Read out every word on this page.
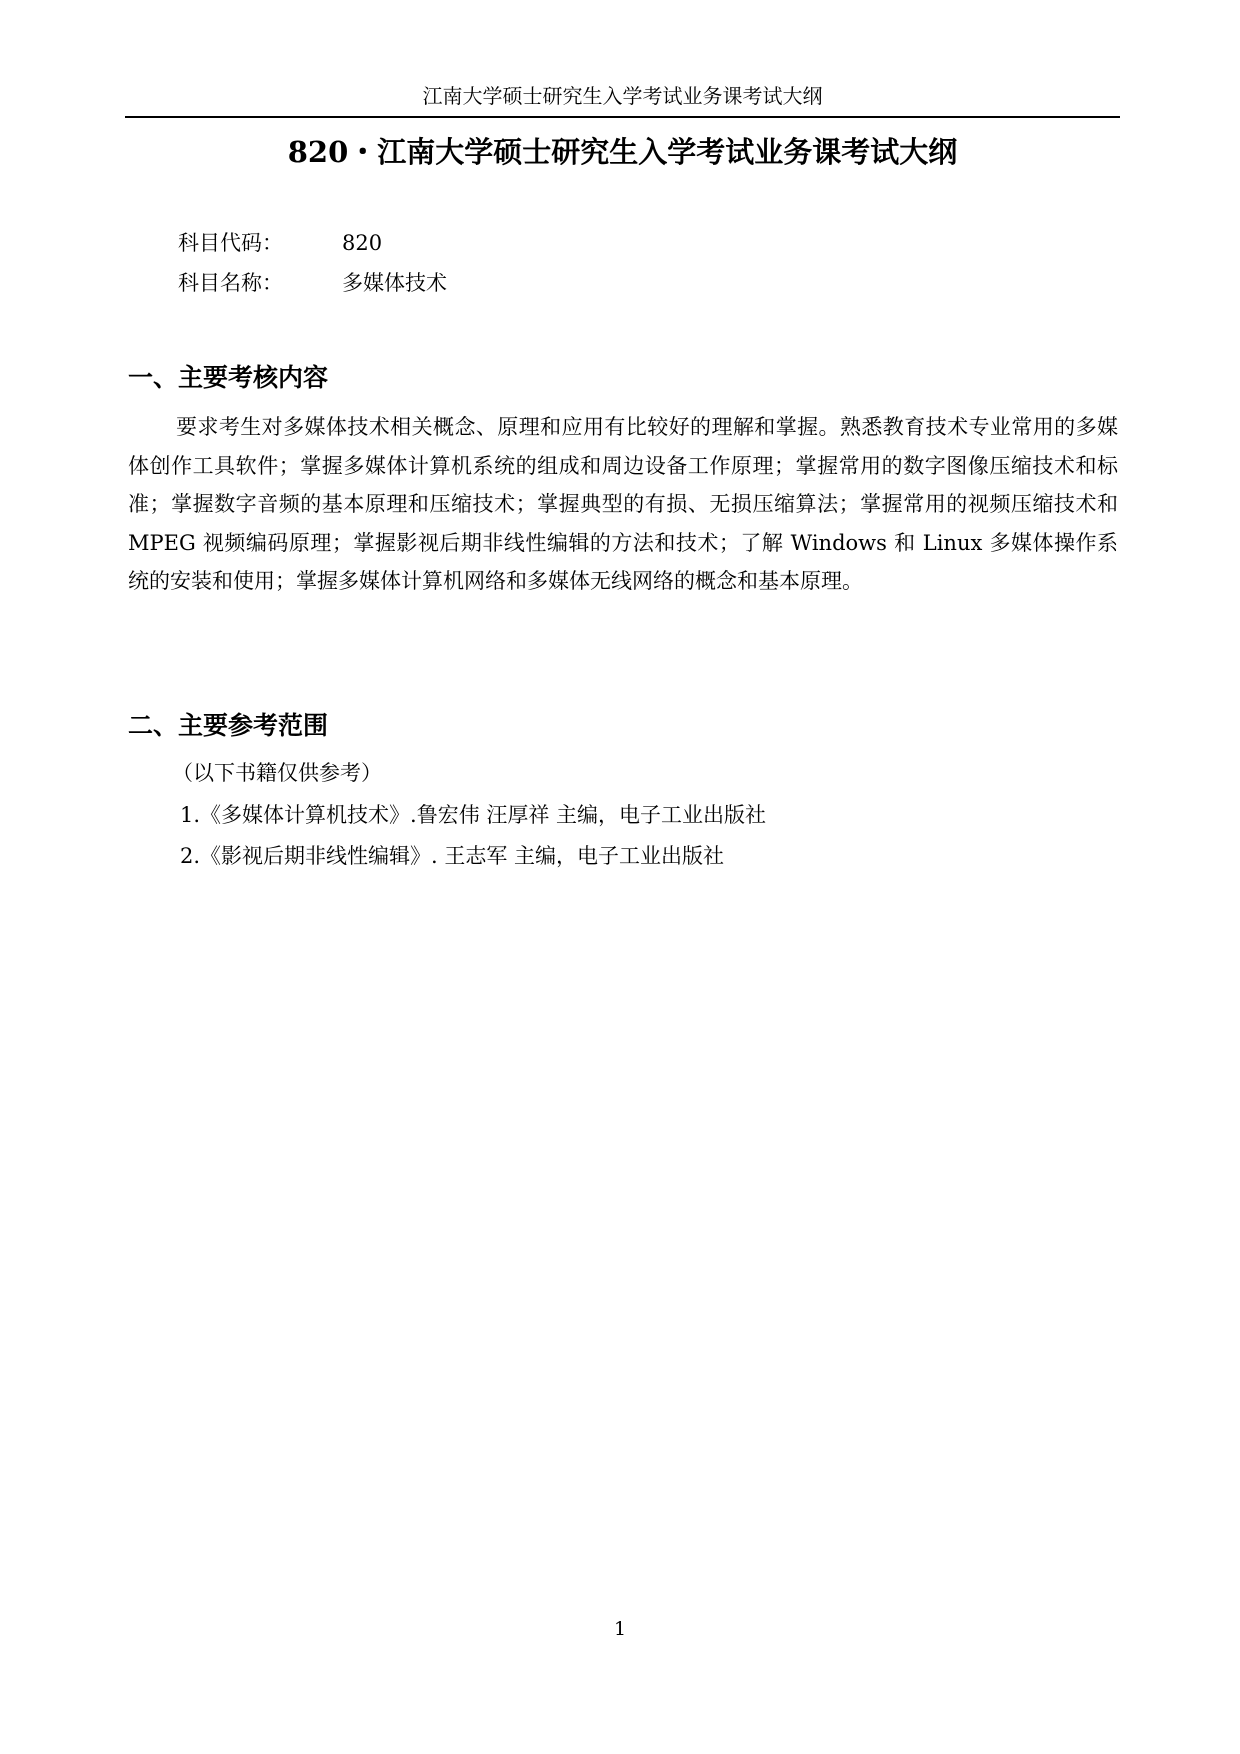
江南大学硕士研究生入学考试业务课考试大纲
820・江南大学硕士研究生入学考试业务课考试大纲
科目代码：	820
科目名称：	多媒体技术
一、主要考核内容

要求考生对多媒体技术相关概念、原理和应用有比较好的理解和掌握。熟悉教育技术专业常用的多媒体创作工具软件；掌握多媒体计算机系统的组成和周边设备工作原理；掌握常用的数字图像压缩技术和标准；掌握数字音频的基本原理和压缩技术；掌握典型的有损、无损压缩算法；掌握常用的视频压缩技术和 MPEG 视频编码原理；掌握影视后期非线性编辑的方法和技术；了解 Windows 和 Linux 多媒体操作系统的安装和使用；掌握多媒体计算机网络和多媒体无线网络的概念和基本原理。

二、主要参考范围
（以下书籍仅供参考）
1.《多媒体计算机技术》.鲁宏伟 汪厚祥 主编，电子工业出版社
2.《影视后期非线性编辑》. 王志军 主编，电子工业出版社
1
